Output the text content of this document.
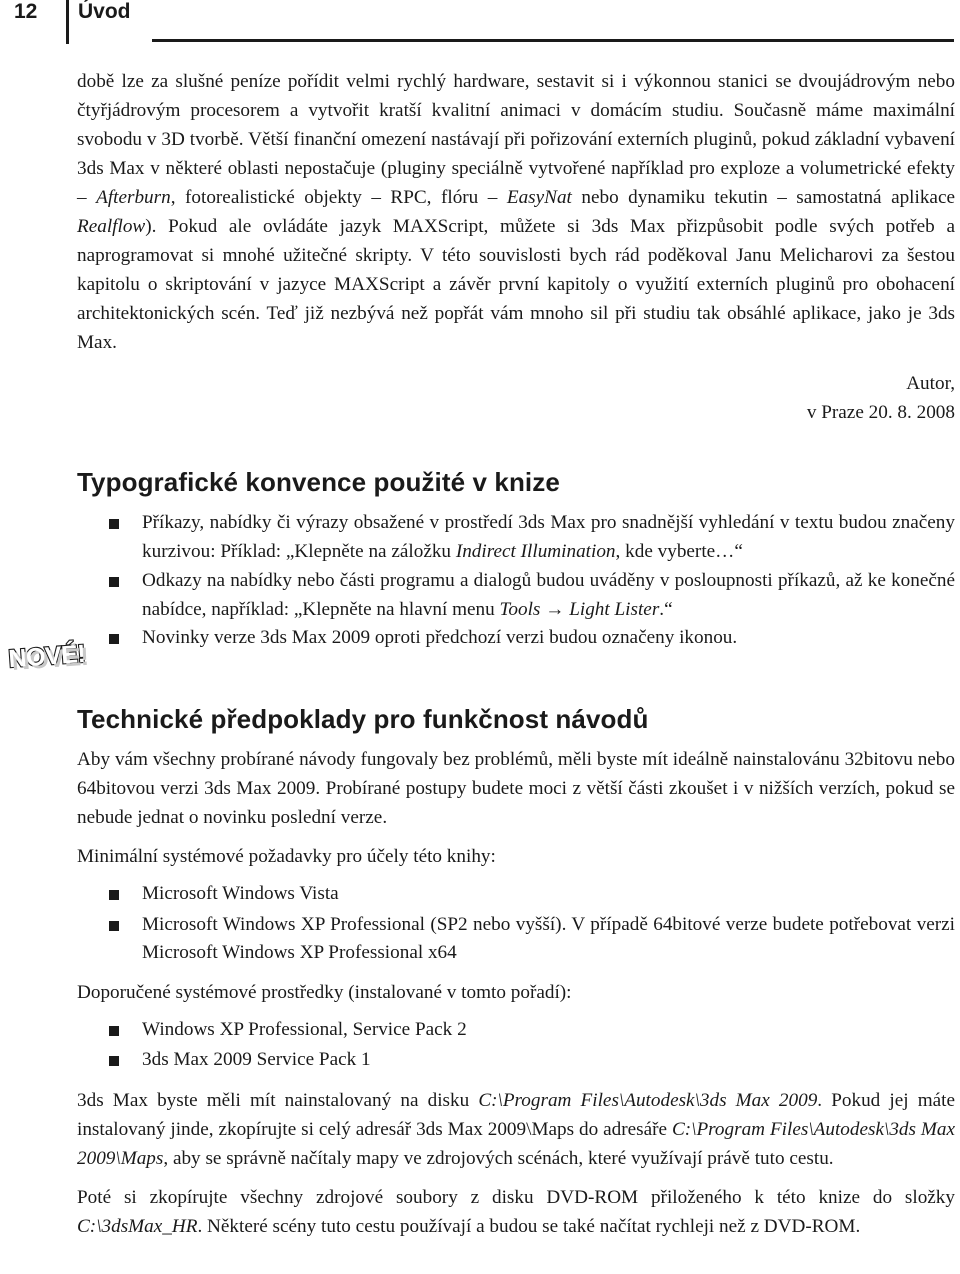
12 Úvod

době lze za slušné peníze pořídit velmi rychlý hardware, sestavit si i výkonnou stanici se dvoujádrovým nebo čtyřjádrovým procesorem a vytvořit kratší kvalitní animaci v domácím studiu. Současně máme maximální svobodu v 3D tvorbě. Větší finanční omezení nastávají při pořizování externích pluginů, pokud základní vybavení 3ds Max v některé oblasti nepostačuje (pluginy speciálně vytvořené například pro exploze a volumetrické efekty – Afterburn, fotorealistické objekty – RPC, flóru – EasyNat nebo dynamiku tekutin – samostatná aplikace Realflow). Pokud ale ovládáte jazyk MAXScript, můžete si 3ds Max přizpůsobit podle svých potřeb a naprogramovat si mnohé užitečné skripty. V této souvislosti bych rád poděkoval Janu Melicharovi za šestou kapitolu o skriptování v jazyce MAXScript a závěr první kapitoly o využití externích pluginů pro obohacení architektonických scén. Teď již nezbývá než popřát vám mnoho sil při studiu tak obsáhlé aplikace, jako je 3ds Max.

Autor,
v Praze 20. 8. 2008
Typografické konvence použité v knize
Příkazy, nabídky či výrazy obsažené v prostředí 3ds Max pro snadnější vyhledání v textu budou značeny kurzivou: Příklad: „Klepněte na záložku Indirect Illumination, kde vyberte…“
Odkazy na nabídky nebo části programu a dialogů budou uváděny v posloupnosti příkazů, až ke konečné nabídce, například: „Klepněte na hlavní menu Tools → Light Lister.“
Novinky verze 3ds Max 2009 oproti předchozí verzi budou označeny ikonou.
NOVÉ!
Technické předpoklady pro funkčnost návodů

Aby vám všechny probírané návody fungovaly bez problémů, měli byste mít ideálně nainstalovánu 32bitovu nebo 64bitovou verzi 3ds Max 2009. Probírané postupy budete moci z větší části zkoušet i v nižších verzích, pokud se nebude jednat o novinku poslední verze.

Minimální systémové požadavky pro účely této knihy:

Microsoft Windows Vista
Microsoft Windows XP Professional (SP2 nebo vyšší). V případě 64bitové verze budete potřebovat verzi Microsoft Windows XP Professional x64

Doporučené systémové prostředky (instalované v tomto pořadí):

Windows XP Professional, Service Pack 2
3ds Max 2009 Service Pack 1

3ds Max byste měli mít nainstalovaný na disku C:\Program Files\Autodesk\3ds Max 2009. Pokud jej máte instalovaný jinde, zkopírujte si celý adresář 3ds Max 2009\Maps do adresáře C:\Program Files\Autodesk\3ds Max 2009\Maps, aby se správně načítaly mapy ve zdrojových scénách, které využívají právě tuto cestu.

Poté si zkopírujte všechny zdrojové soubory z disku DVD-ROM přiloženého k této knize do složky C:\3dsMax_HR. Některé scény tuto cestu používají a budou se také načítat rychleji než z DVD-ROM.
